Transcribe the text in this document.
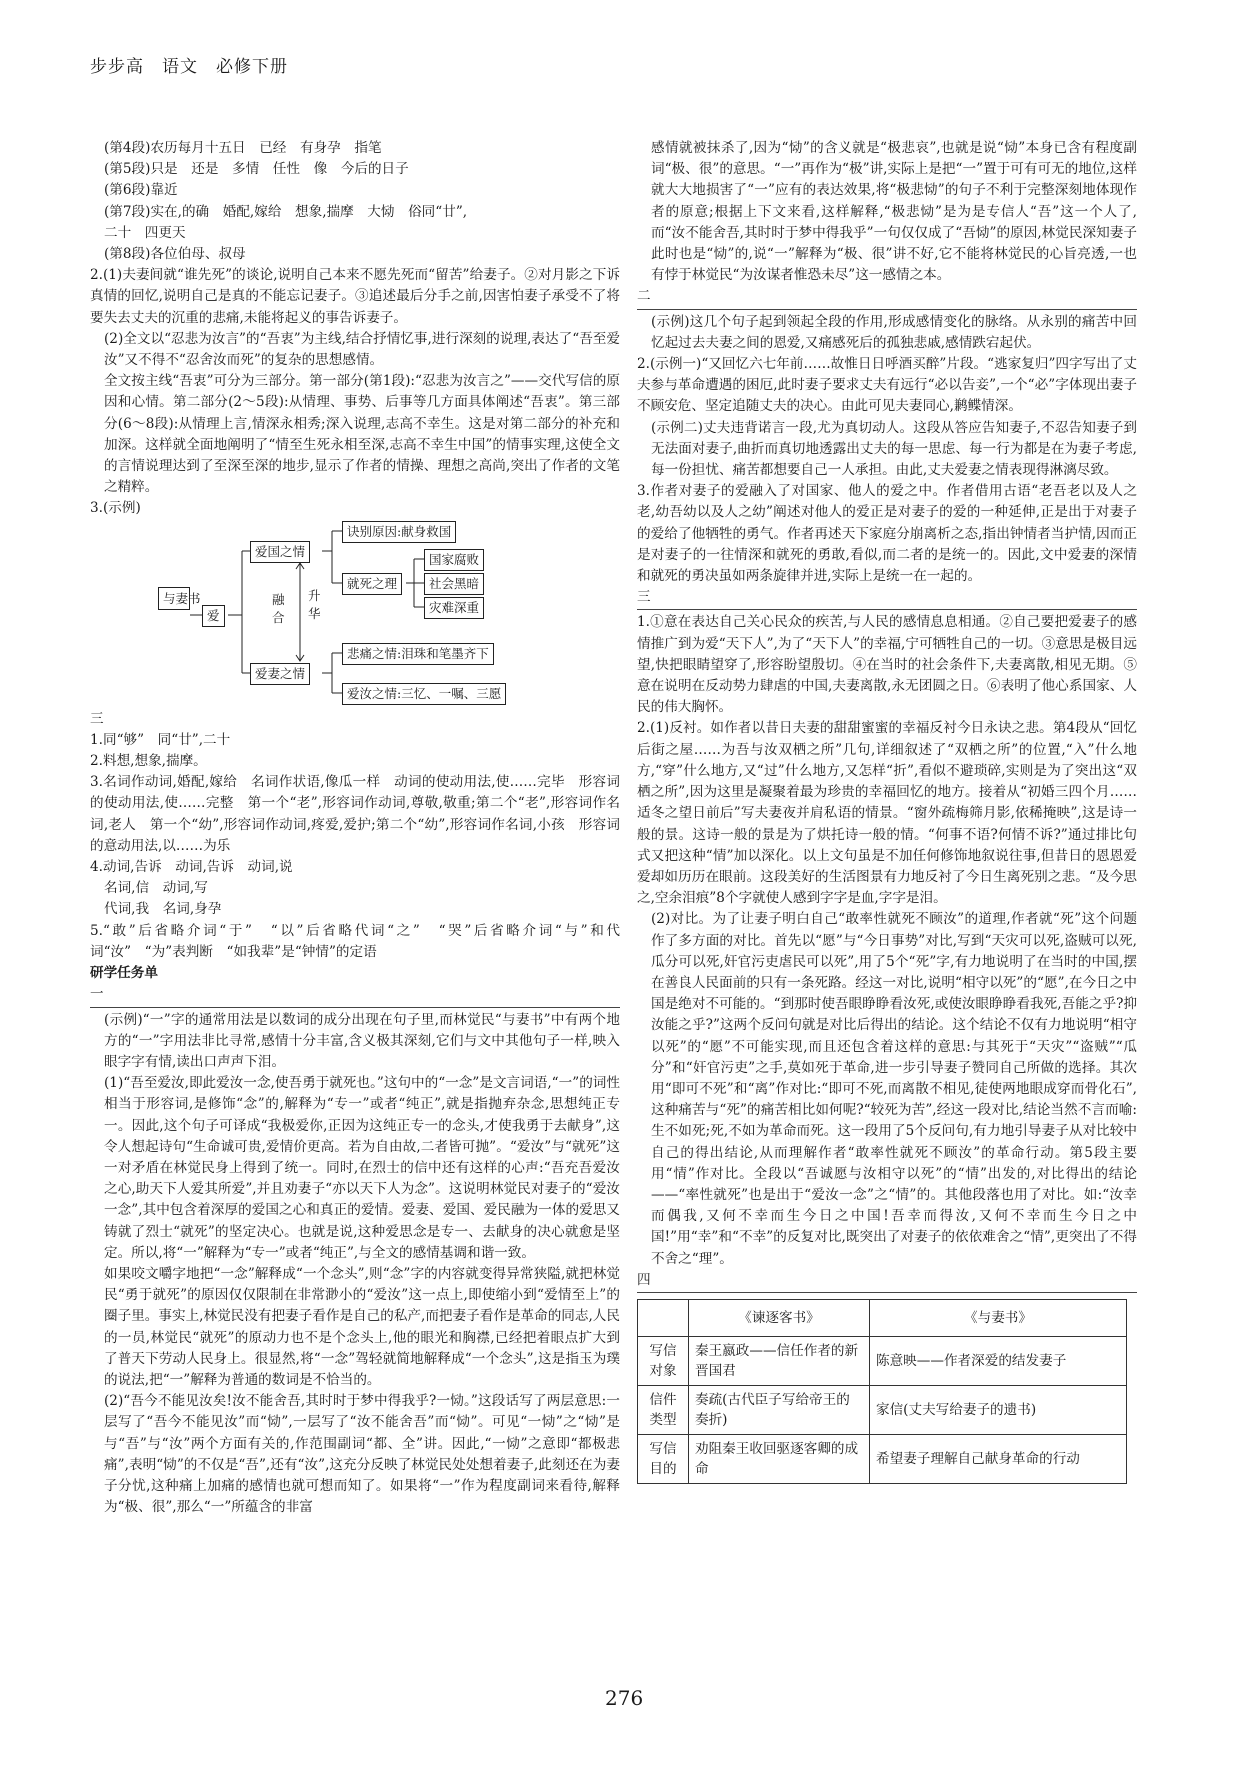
步步高　语文　必修下册

(第4段)农历每月十五日　已经　有身孕　指笔

(第5段)只是　还是　多情　任性　像　今后的日子

(第6段)靠近

(第7段)实在,的确　婚配,嫁给　想象,揣摩　大恸　俗同“廿”,

二十　四更天

(第8段)各位伯母、叔母

2.(1)夫妻间就“谁先死”的谈论,说明自己本来不愿先死而“留苦”给妻子。②对月影之下诉真情的回忆,说明自己是真的不能忘记妻子。③追述最后分手之前,因害怕妻子承受不了将要失去丈夫的沉重的悲痛,未能将起义的事告诉妻子。

(2)全文以“忍悲为汝言”的“吾衷”为主线,结合抒情忆事,进行深刻的说理,表达了“吾至爱汝”又不得不“忍舍汝而死”的复杂的思想感情。

全文按主线“吾衷”可分为三部分。第一部分(第1段):“忍悲为汝言之”——交代写信的原因和心情。第二部分(2～5段):从情理、事势、后事等几方面具体阐述“吾衷”。第三部分(6～8段):从情理上言,情深永相秀;深入说理,志高不幸生。这是对第二部分的补充和加深。这样就全面地阐明了“情至生死永相至深,志高不幸生中国”的情事实理,这使全文的言情说理达到了至深至深的地步,显示了作者的情操、理想之高尚,突出了作者的文笔之精粹。

3.(示例)

与妻书
爱
爱国之情
爱妻之情
融
合
升
华
诀别原因:献身救国
就死之理
国家腐败
社会黑暗
灾难深重
悲痛之情:泪珠和笔墨齐下
爱汝之情:三忆、一嘱、三愿

三

1.同“够”　同“廿”,二十

2.料想,想象,揣摩。

3.名词作动词,婚配,嫁给　名词作状语,像瓜一样　动词的使动用法,使……完毕　形容词的使动用法,使……完整　第一个“老”,形容词作动词,尊敬,敬重;第二个“老”,形容词作名词,老人　第一个“幼”,形容词作动词,疼爱,爱护;第二个“幼”,形容词作名词,小孩　形容词的意动用法,以……为乐

4.动词,告诉　动词,告诉　动词,说

名词,信　动词,写

代词,我　名词,身孕

5.“敢”后省略介词“于”　“以”后省略代词“之”　“哭”后省略介词“与”和代词“汝”　“为”表判断　“如我辈”是“钟情”的定语

研学任务单

一

(示例)“一”字的通常用法是以数词的成分出现在句子里,而林觉民“与妻书”中有两个地方的“一”字用法非比寻常,感情十分丰富,含义极其深刻,它们与文中其他句子一样,映入眼字字有情,读出口声声下泪。

(1)“吾至爱汝,即此爱汝一念,使吾勇于就死也。”这句中的“一念”是文言词语,“一”的词性相当于形容词,是修饰“念”的,解释为“专一”或者“纯正”,就是指抛弃杂念,思想纯正专一。因此,这个句子可译成“我极爱你,正因为这纯正专一的念头,才使我勇于去献身”,这令人想起诗句“生命诚可贵,爱情价更高。若为自由故,二者皆可抛”。“爱汝”与“就死”这一对矛盾在林觉民身上得到了统一。同时,在烈士的信中还有这样的心声:“吾充吾爱汝之心,助天下人爱其所爱”,并且劝妻子“亦以天下人为念”。这说明林觉民对妻子的“爱汝一念”,其中包含着深厚的爱国之心和真正的爱情。爱妻、爱国、爱民融为一体的爱思又铸就了烈士“就死”的坚定决心。也就是说,这种爱思念是专一、去献身的决心就愈是坚定。所以,将“一”解释为“专一”或者“纯正”,与全文的感情基调和谐一致。

如果咬文嚼字地把“一念”解释成“一个念头”,则“念”字的内容就变得异常狭隘,就把林觉民“勇于就死”的原因仅仅限制在非常渺小的“爱汝”这一点上,即使缩小到“爱情至上”的圈子里。事实上,林觉民没有把妻子看作是自己的私产,而把妻子看作是革命的同志,人民的一员,林觉民“就死”的原动力也不是个念头上,他的眼光和胸襟,已经把着眼点扩大到了普天下劳动人民身上。很显然,将“一念”驾轻就简地解释成“一个念头”,这是指玉为璞的说法,把“一”解释为普通的数词是不恰当的。

(2)“吾今不能见汝矣!汝不能舍吾,其时时于梦中得我乎?一恸。”这段话写了两层意思:一层写了“吾今不能见汝”而“恸”,一层写了“汝不能舍吾”而“恸”。可见“一恸”之“恸”是与“吾”与“汝”两个方面有关的,作范围副词“都、全”讲。因此,“一恸”之意即“都极悲痛”,表明“恸”的不仅是“吾”,还有“汝”,这充分反映了林觉民处处想着妻子,此刻还在为妻子分忧,这种痛上加痛的感情也就可想而知了。如果将“一”作为程度副词来看待,解释为“极、很”,那么“一”所蕴含的非富

感情就被抹杀了,因为“恸”的含义就是“极悲哀”,也就是说“恸”本身已含有程度副词“极、很”的意思。“一”再作为“极”讲,实际上是把“一”置于可有可无的地位,这样就大大地损害了“一”应有的表达效果,将“极悲恸”的句子不利于完整深刻地体现作者的原意;根据上下文来看,这样解释,“极悲恸”是为是专信人“吾”这一个人了,而“汝不能舍吾,其时时于梦中得我乎”一句仅仅成了“吾恸”的原因,林觉民深知妻子此时也是“恸”的,说“一”解释为“极、很”讲不好,它不能将林觉民的心旨亮透,一也有悖于林觉民“为汝谋者惟恐未尽”这一感情之本。

二

(示例)这几个句子起到领起全段的作用,形成感情变化的脉络。从永别的痛苦中回忆起过去夫妻之间的恩爱,又痛感死后的孤独悲戚,感情跌宕起伏。

2.(示例一)“又回忆六七年前……故惟日日呼酒买醉”片段。“逃家复归”四字写出了丈夫参与革命遭遇的困厄,此时妻子要求丈夫有远行“必以告妾”,一个“必”字体现出妻子不顾安危、坚定追随丈夫的决心。由此可见夫妻同心,鹣鲽情深。

(示例二)丈夫违背诺言一段,尤为真切动人。这段从答应告知妻子,不忍告知妻子到无法面对妻子,曲折而真切地透露出丈夫的每一思虑、每一行为都是在为妻子考虑,每一份担忧、痛苦都想要自己一人承担。由此,丈夫爱妻之情表现得淋漓尽致。

3.作者对妻子的爱融入了对国家、他人的爱之中。作者借用古语“老吾老以及人之老,幼吾幼以及人之幼”阐述对他人的爱正是对妻子的爱的一种延伸,正是出于对妻子的爱给了他牺牲的勇气。作者再述天下家庭分崩离析之态,指出钟情者当护情,因而正是对妻子的一往情深和就死的勇敢,看似,而二者的是统一的。因此,文中爱妻的深情和就死的勇决虽如两条旋律并进,实际上是统一在一起的。

三

1.①意在表达自己关心民众的疾苦,与人民的感情息息相通。②自己要把爱妻子的感情推广到为爱“天下人”,为了“天下人”的幸福,宁可牺牲自己的一切。③意思是极目远望,快把眼睛望穿了,形容盼望殷切。④在当时的社会条件下,夫妻离散,相见无期。⑤意在说明在反动势力肆虐的中国,夫妻离散,永无团圆之日。⑥表明了他心系国家、人民的伟大胸怀。

2.(1)反衬。如作者以昔日夫妻的甜甜蜜蜜的幸福反衬今日永诀之悲。第4段从“回忆后街之屋……为吾与汝双栖之所”几句,详细叙述了“双栖之所”的位置,“入”什么地方,“穿”什么地方,又“过”什么地方,又怎样“折”,看似不避琐碎,实则是为了突出这“双栖之所”,因为这里是凝聚着最为珍贵的幸福回忆的地方。接着从“初婚三四个月……适冬之望日前后”写夫妻夜并肩私语的情景。“窗外疏梅筛月影,依稀掩映”,这是诗一般的景。这诗一般的景是为了烘托诗一般的情。“何事不语?何情不诉?”通过排比句式又把这种“情”加以深化。以上文句虽是不加任何修饰地叙说往事,但昔日的恩恩爱爱却如历历在眼前。这段美好的生活图景有力地反衬了今日生离死别之悲。“及今思之,空余泪痕”8个字就使人感到字字是血,字字是泪。

(2)对比。为了让妻子明白自己“敢率性就死不顾汝”的道理,作者就“死”这个问题作了多方面的对比。首先以“愿”与“今日事势”对比,写到“天灾可以死,盗贼可以死,瓜分可以死,奸官污吏虐民可以死”,用了5个“死”字,有力地说明了在当时的中国,摆在善良人民面前的只有一条死路。经这一对比,说明“相守以死”的“愿”,在今日之中国是绝对不可能的。“到那时使吾眼睁睁看汝死,或使汝眼睁睁看我死,吾能之乎?抑汝能之乎?”这两个反问句就是对比后得出的结论。这个结论不仅有力地说明“相守以死”的“愿”不可能实现,而且还包含着这样的意思:与其死于“天灾”“盗贼”“瓜分”和“奸官污吏”之手,莫如死于革命,进一步引导妻子赞同自己所做的选择。其次用“即可不死”和“离”作对比:“即可不死,而离散不相见,徒使两地眼成穿而骨化石”,这种痛苦与“死”的痛苦相比如何呢?“较死为苦”,经这一段对比,结论当然不言而喻:生不如死;死,不如为革命而死。这一段用了5个反问句,有力地引导妻子从对比较中自己的得出结论,从而理解作者“敢率性就死不顾汝”的革命行动。第5段主要用“情”作对比。全段以“吾诚愿与汝相守以死”的“情”出发的,对比得出的结论——“率性就死”也是出于“爱汝一念”之“情”的。其他段落也用了对比。如:“汝幸而偶我,又何不幸而生今日之中国!吾幸而得汝,又何不幸而生今日之中国!”用“幸”和“不幸”的反复对比,既突出了对妻子的依依难舍之“情”,更突出了不得不舍之“理”。

四

	《谏逐客书》	《与妻书》

写信
对象	秦王嬴政——信任作者的新晋国君	陈意映——作者深爱的结发妻子

信件
类型	奏疏(古代臣子写给帝王的奏折)	家信(丈夫写给妻子的遗书)

写信
目的	劝阻秦王收回驱逐客卿的成命	希望妻子理解自己献身革命的行动
276
